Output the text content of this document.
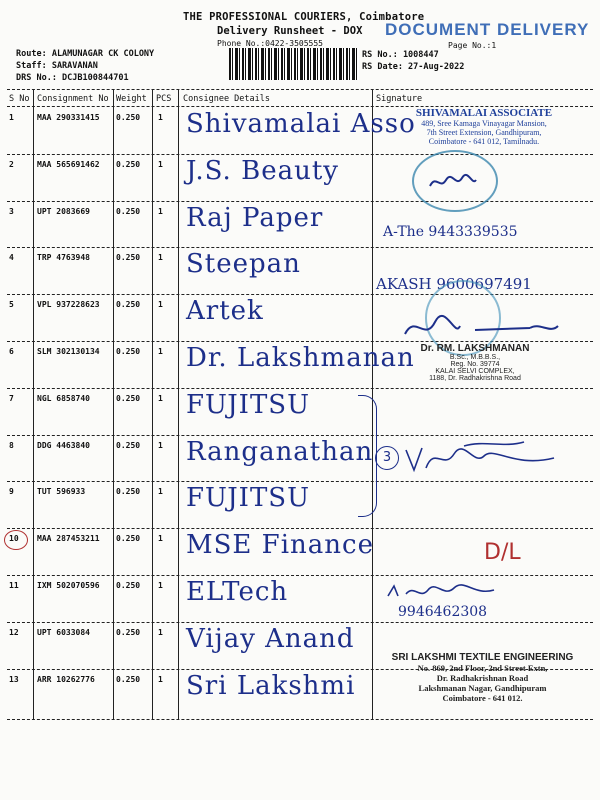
THE PROFESSIONAL COURIERS, Coimbatore
Delivery Runsheet - DOX DOCUMENT DELIVERY
Phone No.:0422-3505555	Page No.:1
Route: ALAMUNAGAR CK COLONY
Staff: SARAVANAN
DRS No.: DCJB100844701
RS No.: 1008447
RS Date: 27-Aug-2022
S No Consignment No Weight PCS Consignee Details	Signature
1	MAA 290331415 0.250 1 Shivamalai Asso
2	MAA 565691462 0.250 1 J.S. Beauty
3	UPT 2083669	0.250 1 Raj Paper
4	TRP 4763948	0.250 1 Steepan
5	VPL 937228623 0.250 1 Artek
6	SLM 302130134 0.250 1 Dr. Lakshmanan
7	NGL 6858740	0.250 1 FUJITSU
8	DDG 4463840	0.250 1 Ranganathan
9	TUT 596933	0.250 1 FUJITSU
10 MAA 287453211 0.250 1 MSE Finance
11 IXM 502070596 0.250 1 ELTech
12 UPT 6033084	0.250 1 Vijay Anand
13 ARR 10262776	0.250 1 Sri Lakshmi
SHIVAMALAI ASSOCIATE
489, Sree Kamaga Vinayagar Mansion,
7th Street Extension, Gandhipuram,
Coimbatore - 641 012, Tamilnadu.
A-The 9443339535
AKASH 9600697491
Dr. RM. LAKSHMANAN
B.Sc., M.B.B.S.,
Reg. No. 39774
KALAI SELVI COMPLEX,
1188, Dr. Radhakrishna Road
3
D/L
9946462308
SRI LAKSHMI TEXTILE ENGINEERING
No. 869, 2nd Floor, 2nd Street Extn,
Dr. Radhakrishnan Road
Lakshmanan Nagar, Gandhipuram
Coimbatore - 641 012.
